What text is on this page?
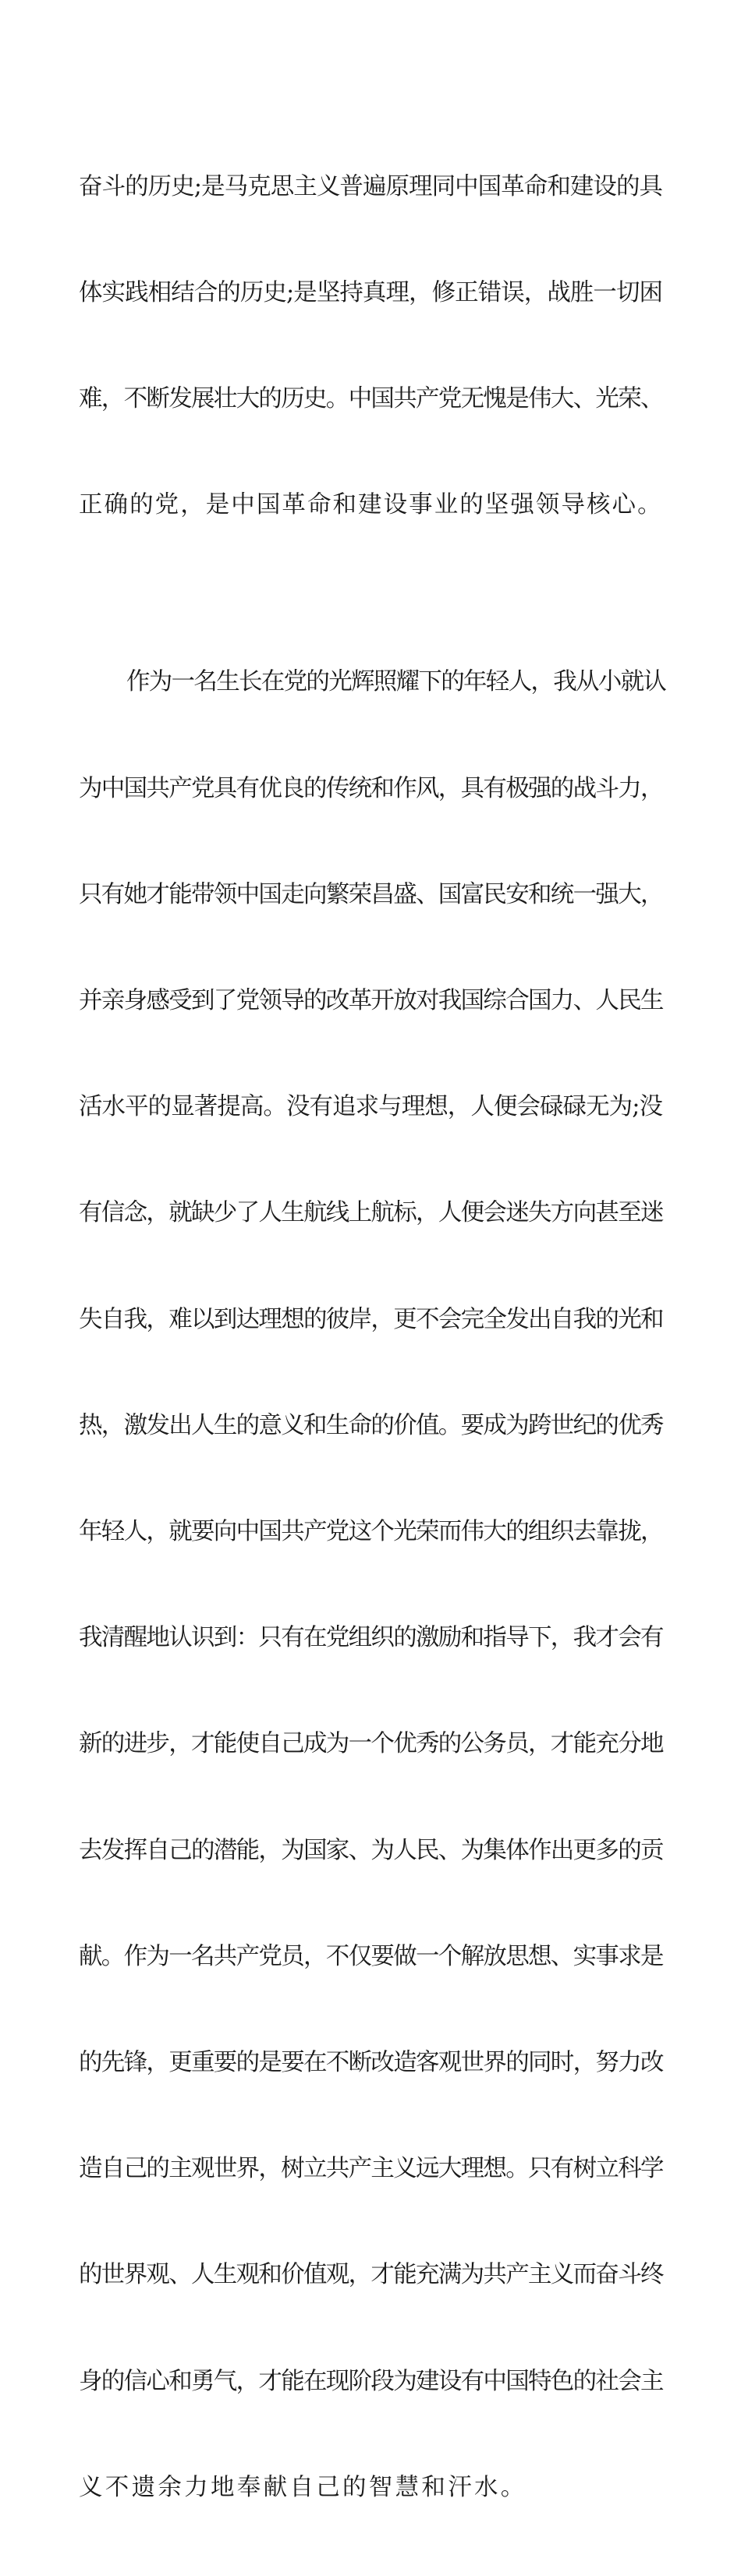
奋斗的历史;是马克思主义普遍原理同中国革命和建设的具

体实践相结合的历史;是坚持真理，修正错误，战胜一切困

难，不断发展壮大的历史。中国共产党无愧是伟大、光荣、

正确的党，是中国革命和建设事业的坚强领导核心。

作为一名生长在党的光辉照耀下的年轻人，我从小就认

为中国共产党具有优良的传统和作风，具有极强的战斗力，

只有她才能带领中国走向繁荣昌盛、国富民安和统一强大，

并亲身感受到了党领导的改革开放对我国综合国力、人民生

活水平的显著提高。没有追求与理想，人便会碌碌无为;没

有信念，就缺少了人生航线上航标，人便会迷失方向甚至迷

失自我，难以到达理想的彼岸，更不会完全发出自我的光和

热，激发出人生的意义和生命的价值。要成为跨世纪的优秀

年轻人，就要向中国共产党这个光荣而伟大的组织去靠拢，

我清醒地认识到：只有在党组织的激励和指导下，我才会有

新的进步，才能使自己成为一个优秀的公务员，才能充分地

去发挥自己的潜能，为国家、为人民、为集体作出更多的贡

献。作为一名共产党员，不仅要做一个解放思想、实事求是

的先锋，更重要的是要在不断改造客观世界的同时，努力改

造自己的主观世界，树立共产主义远大理想。只有树立科学

的世界观、人生观和价值观，才能充满为共产主义而奋斗终

身的信心和勇气，才能在现阶段为建设有中国特色的社会主

义不遗余力地奉献自己的智慧和汗水。
